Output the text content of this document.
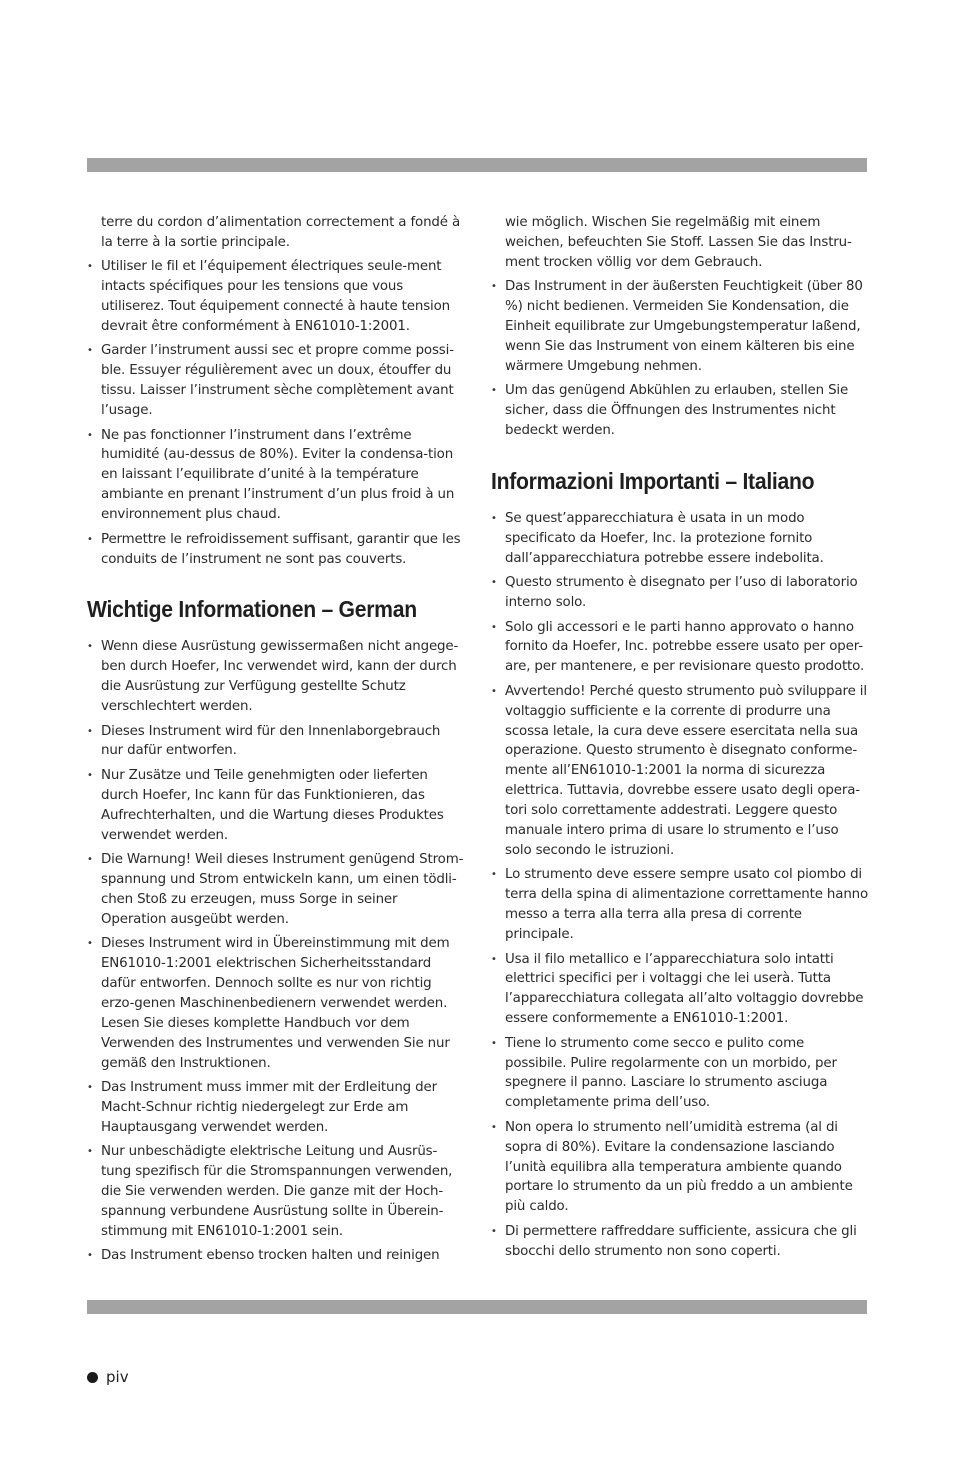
terre du cordon d’alimentation correctement a fondé à la terre à la sortie principale.

• Utiliser le fil et l’équipement électriques seule-ment intacts spécifiques pour les tensions que vous utiliserez. Tout équipement connecté à haute tension devrait être conformément à EN61010-1:2001.
• Garder l’instrument aussi sec et propre comme possi-ble. Essuyer régulièrement avec un doux, étouffer du tissu. Laisser l’instrument sèche complètement avant l’usage.
• Ne pas fonctionner l’instrument dans l’extrême humidité (au-dessus de 80%). Eviter la condensa-tion en laissant l’equilibrate d’unité à la température ambiante en prenant l’instrument d’un plus froid à un environnement plus chaud.
• Permettre le refroidissement suffisant, garantir que les conduits de l’instrument ne sont pas couverts.
Wichtige Informationen – German
• Wenn diese Ausrüstung gewissermaßen nicht angege-ben durch Hoefer, Inc verwendet wird, kann der durch die Ausrüstung zur Verfügung gestellte Schutz verschlechtert werden.
• Dieses Instrument wird für den Innenlaborgebrauch nur dafür entworfen.
• Nur Zusätze und Teile genehmigten oder lieferten durch Hoefer, Inc kann für das Funktionieren, das Aufrechterhalten, und die Wartung dieses Produktes verwendet werden.
• Die Warnung! Weil dieses Instrument genügend Strom-spannung und Strom entwickeln kann, um einen tödli-chen Stoß zu erzeugen, muss Sorge in seiner Operation ausgeübt werden.
• Dieses Instrument wird in Übereinstimmung mit dem EN61010-1:2001 elektrischen Sicherheitsstandard dafür entworfen. Dennoch sollte es nur von richtig erzo-genen Maschinenbedienern verwendet werden. Lesen Sie dieses komplette Handbuch vor dem Verwenden des Instrumentes und verwenden Sie nur gemäß den Instruktionen.
• Das Instrument muss immer mit der Erdleitung der Macht-Schnur richtig niedergelegt zur Erde am Hauptausgang verwendet werden.
• Nur unbeschädigte elektrische Leitung und Ausrüs-tung spezifisch für die Stromspannungen verwenden, die Sie verwenden werden. Die ganze mit der Hoch-spannung verbundene Ausrüstung sollte in Überein-stimmung mit EN61010-1:2001 sein.
• Das Instrument ebenso trocken halten und reinigen

wie möglich. Wischen Sie regelmäßig mit einem weichen, befeuchten Sie Stoff. Lassen Sie das Instru-ment trocken völlig vor dem Gebrauch.

• Das Instrument in der äußersten Feuchtigkeit (über 80 %) nicht bedienen. Vermeiden Sie Kondensation, die Einheit equilibrate zur Umgebungstemperatur laßend, wenn Sie das Instrument von einem kälteren bis eine wärmere Umgebung nehmen.
• Um das genügend Abkühlen zu erlauben, stellen Sie sicher, dass die Öffnungen des Instrumentes nicht bedeckt werden.
Informazioni Importanti – Italiano
• Se quest’apparecchiatura è usata in un modo specificato da Hoefer, Inc. la protezione fornito dall’apparecchiatura potrebbe essere indebolita.
• Questo strumento è disegnato per l’uso di laboratorio interno solo.
• Solo gli accessori e le parti hanno approvato o hanno fornito da Hoefer, Inc. potrebbe essere usato per oper-are, per mantenere, e per revisionare questo prodotto.
• Avvertendo! Perché questo strumento può sviluppare il voltaggio sufficiente e la corrente di produrre una scossa letale, la cura deve essere esercitata nella sua operazione. Questo strumento è disegnato conforme-mente all’EN61010-1:2001 la norma di sicurezza elettrica. Tuttavia, dovrebbe essere usato degli opera-tori solo correttamente addestrati. Leggere questo manuale intero prima di usare lo strumento e l’uso solo secondo le istruzioni.
• Lo strumento deve essere sempre usato col piombo di terra della spina di alimentazione correttamente hanno messo a terra alla terra alla presa di corrente principale.
• Usa il filo metallico e l’apparecchiatura solo intatti elettrici specifici per i voltaggi che lei userà. Tutta l’apparecchiatura collegata all’alto voltaggio dovrebbe essere conformemente a EN61010-1:2001.
• Tiene lo strumento come secco e pulito come possibile. Pulire regolarmente con un morbido, per spegnere il panno. Lasciare lo strumento asciuga completamente prima dell’uso.
• Non opera lo strumento nell’umidità estrema (al di sopra di 80%). Evitare la condensazione lasciando l’unità equilibra alla temperatura ambiente quando portare lo strumento da un più freddo a un ambiente più caldo.
• Di permettere raffreddare sufficiente, assicura che gli sbocchi dello strumento non sono coperti.
piv
